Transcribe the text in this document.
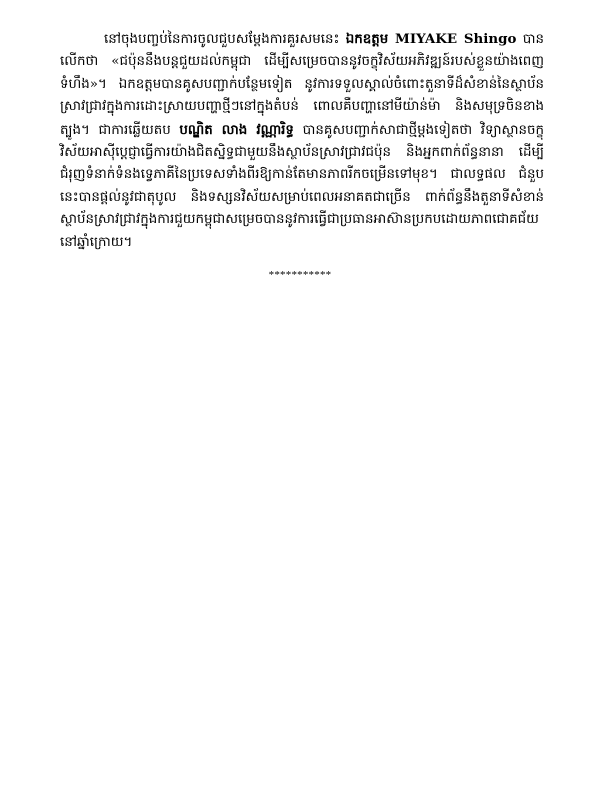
នៅចុងបញ្ចប់នៃការចូលជួបសម្តែងការគួរសមនេះ ឯកឧត្តម MIYAKE Shingo បានលើកថា «ជប៉ុននឹងបន្តជួយដល់កម្ពុជា ដើម្បីសម្រេចបាននូវចក្ខុវិស័យអភិវឌ្ឍន៍របស់ខ្លួនយ៉ាងពេញទំហឹង»។ ឯកឧត្តមបានគូសបញ្ជាក់បន្ថែមទៀត នូវការទទួលស្គាល់ចំពោះតួនាទីដ៏សំខាន់នៃស្ថាប័នស្រាវជ្រាវក្នុងការដោះស្រាយបញ្ហាថ្មីៗនៅក្នុងតំបន់ ពោលគឺបញ្ហានៅមីយ៉ាន់ម៉ា និងសមុទ្រចិនខាងត្បូង។ ជាការឆ្លើយតប បណ្ឌិត លាង វណ្ណារិទ្ធ បានគូសបញ្ជាក់សាជាថ្មីម្តងទៀតថា វិទ្យាស្ថានចក្ខុវិស័យអាស៊ីប្តេជ្ញាធ្វើការយ៉ាងជិតស្និទ្ធជាមួយនឹងស្ថាប័នស្រាវជ្រាវជប៉ុន និងអ្នកពាក់ព័ន្ធនានា ដើម្បីជំរុញទំនាក់ទំនងទ្វេភាគីនៃប្រទេសទាំងពីរឱ្យកាន់តែមានភាពរីកចម្រើនទៅមុខ។ ជាលទ្ធផល ជំនួបនេះបានផ្តល់នូវជាតុបូល និងទស្សនវិស័យសម្រាប់ពេលអនាគតជាច្រើន ពាក់ព័ន្ធនឹងតួនាទីសំខាន់ស្ថាប័នស្រាវជ្រាវក្នុងការជួយកម្ពុជាសម្រេចបាននូវការធ្វើជាប្រធានអាស៊ានប្រកបដោយភាពជោគជ័យនៅឆ្នាំក្រោយ។

***********
